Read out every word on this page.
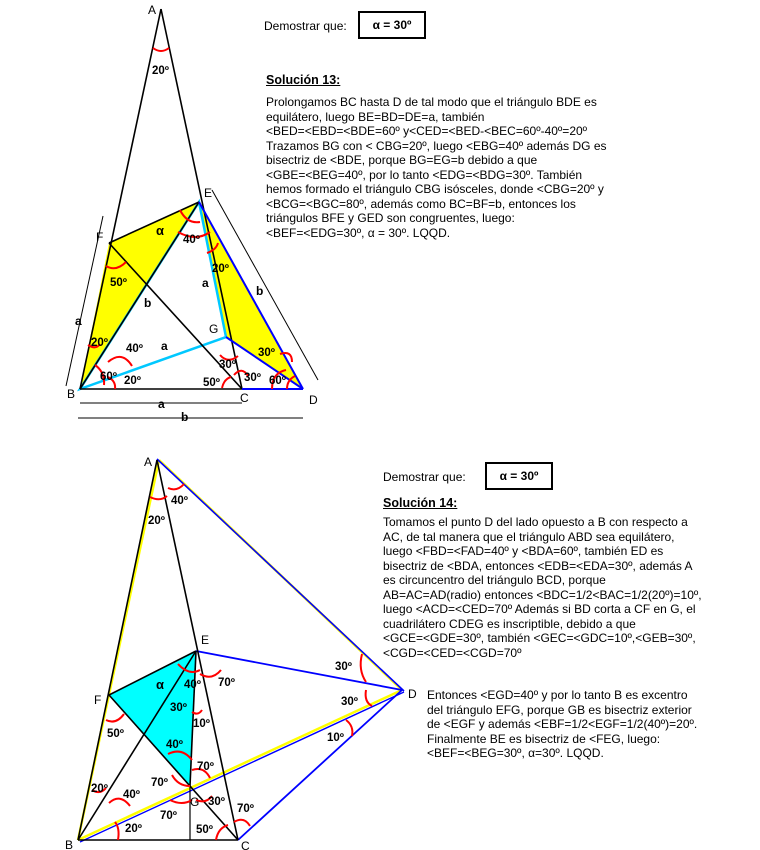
Demostrar que: α = 30º
Solución 13:
Prolongamos BC hasta D de tal modo que el triángulo BDE es
equilátero, luego BE=BD=DE=a, también
<BED=<EBD=<BDE=60º y<CED=<BED-<BEC=60º-40º=20º
Trazamos BG con < CBG=20º, luego <EBG=40º además DG es
bisectriz de <BDE, porque BG=EG=b debido a que
<GBE=<BEG=40º, por lo tanto <EDG=<BDG=30º. También
hemos formado el triángulo CBG isósceles, donde <CBG=20º y
<BCG=<BGC=80º, además como BC=BF=b, entonces los
triángulos BFE y GED son congruentes, luego:
<BEF=<EDG=30º, α = 30º. LQQD.
Demostrar que:	α = 30º
Solución 14:
Tomamos el punto D del lado opuesto a B con respecto a
AC, de tal manera que el triángulo ABD sea equilátero,
luego <FBD=<FAD=40º y <BDA=60º, también ED es
bisectriz de <BDA, entonces <EDB=<EDA=30º, además A
es circuncentro del triángulo BCD, porque
AB=AC=AD(radio) entonces <BDC=1/2<BAC=1/2(20º)=10º,
luego <ACD=<CED=70º Además si BD corta a CF en G, el
cuadrilátero CDEG es inscriptible, debido a que
<GCE=<GDE=30º, también <GEC=<GDC=10º,<GEB=30º,
<CGD=<CED=<CGD=70º
Entonces <EGD=40º y por lo tanto B es excentro
del triángulo EFG, porque GB es bisectriz exterior
de <EGF y además <EBF=1/2<EGF=1/2(40º)=20º.
Finalmente BE es bisectriz de <FEG, luego:
<BEF=<BEG=30º, α=30º. LQQD.
A
E
F
G
B	C	D
20º
α
40º
20º
50º
20º 40º
60º 20º	50º
30º
30º
30º
60º
a
b
b
a
a
a
b
A
E
F
G
B	C
D
40º
20º
α 40º 70º
30º
30º
30º
10º
50º
40º
10º
70º
70º
20º 40º
70º
30º
70º
20º	50º
